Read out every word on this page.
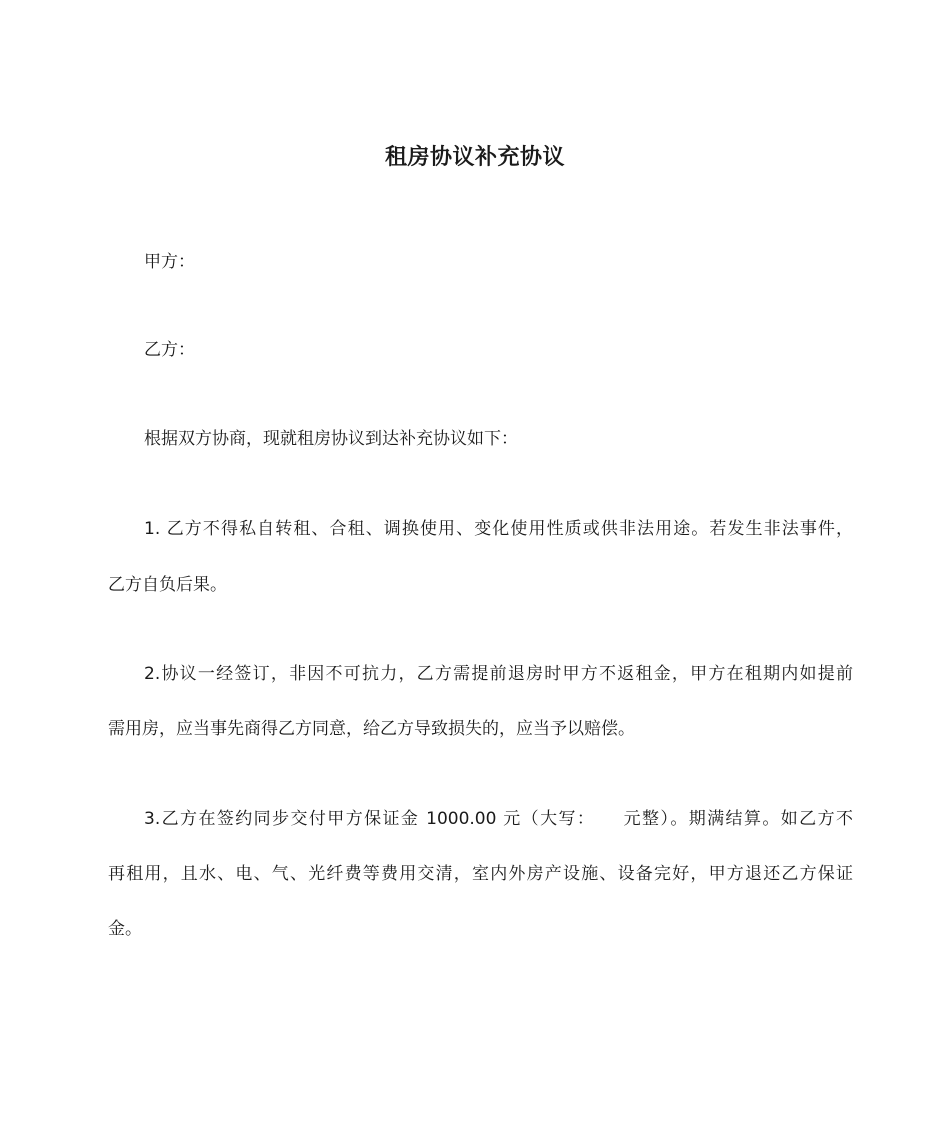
租房协议补充协议
甲方：
乙方：
根据双方协商，现就租房协议到达补充协议如下：
1. 乙方不得私自转租、合租、调换使用、变化使用性质或供非法用途。若发生非法事件，
乙方自负后果。
2.协议一经签订，非因不可抗力，乙方需提前退房时甲方不返租金，甲方在租期内如提前
需用房，应当事先商得乙方同意，给乙方导致损失的，应当予以赔偿。
3.乙方在签约同步交付甲方保证金 1000.00 元（大写：　　元整）。期满结算。如乙方不
再租用，且水、电、气、光纤费等费用交清，室内外房产设施、设备完好，甲方退还乙方保证
金。
